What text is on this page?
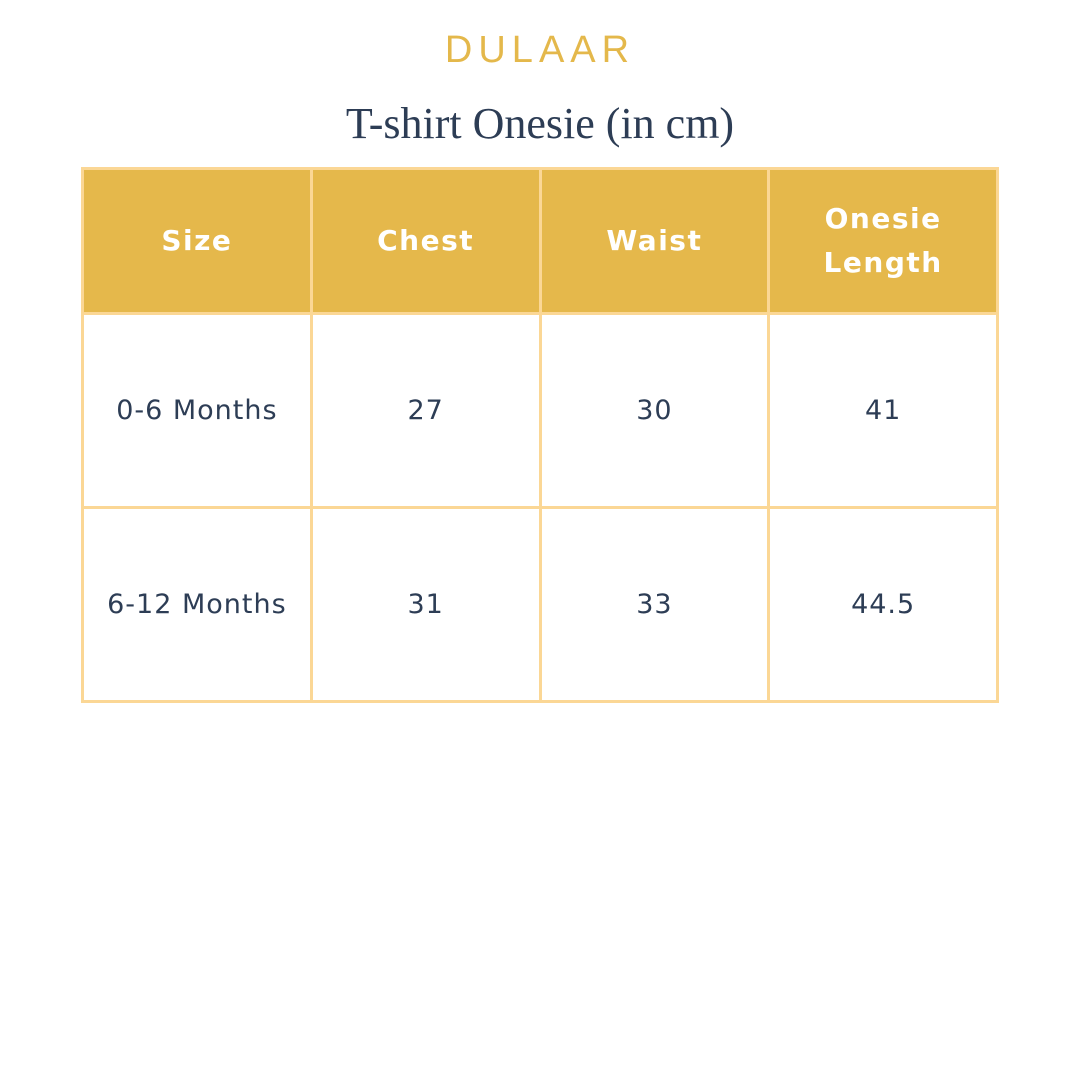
DULAAR
T-shirt Onesie (in cm)
Size	Chest	Waist	Onesie Length
0-6 Months	27	30	41
6-12 Months	31	33	44.5
